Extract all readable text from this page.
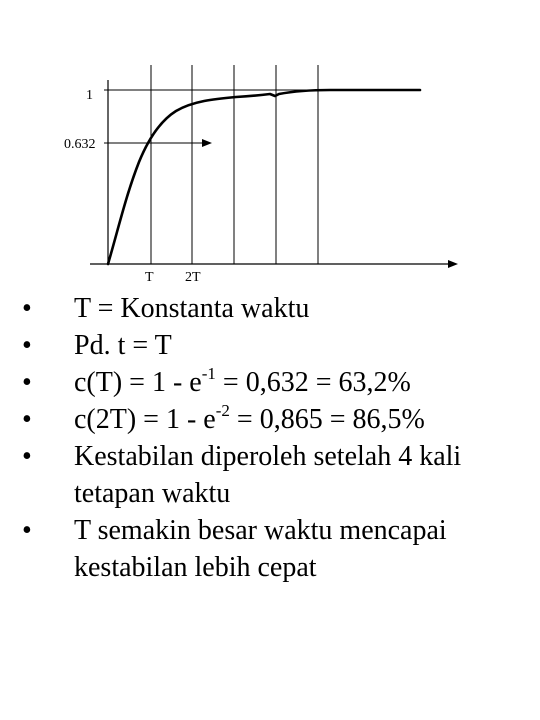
1
0.632
T 2T
• T = Konstanta waktu
• Pd. t = T
• $c(T) = 1 - e^{-1} = 0,632 = 63,2\%$
• $c(2T) = 1 - e^{-2} = 0,865 = 86,5\%$
• Kestabilan diperoleh setelah 4 kali tetapan waktu
• T semakin besar waktu mencapai kestabilan lebih cepat
